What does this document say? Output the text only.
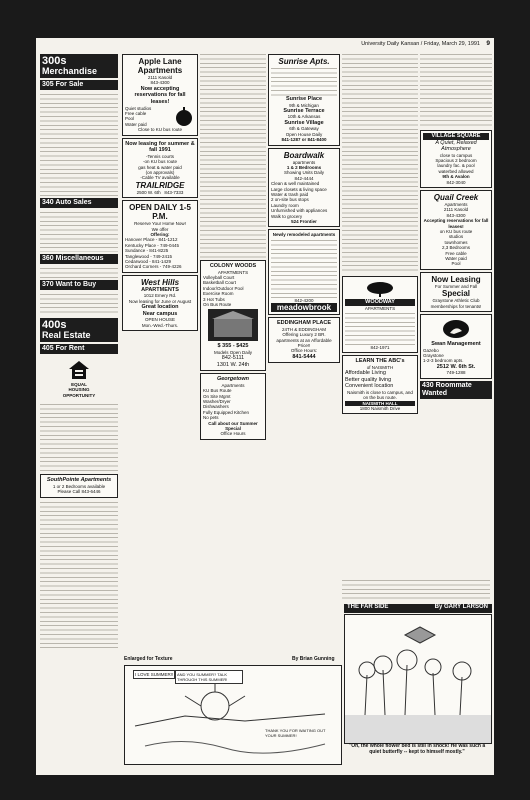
University Daily Kansan / Friday, March 29, 1991 9
300s
Merchandise
305 For Sale
340 Auto Sales
360 Miscellaneous
370 Want to Buy
400s
Real Estate
405 For Rent
EQUAL
HOUSING
OPPORTUNITY
SouthPointe Apartments
1 or 2 Bedrooms available
Please Call 843-6446
Apple Lane Apartments
2111 Kasold
843-4300
Now accepting reservations for fall leases!
Quiet studios
Free cable
Pool
Water paid
Close to KU bus route
Now leasing for summer & fall 1991
-Tennis courts
-on KU bus route
gas heat & water paid
(on approvals)
-Cable TV available
TRAILRIDGE
2500 W. 6th 843-7333
OPEN DAILY 1-5 P.M.
Reserve Your Home Now!
We offer
Offering:
Hanover Place - 841-1212
Kentucky Place - 749-0445
Sundance - 841-8225
Tanglewood - 749-2415
Cedarwood - 841-1429
Orchard Corners - 749-4226
West Hills
APARTMENTS
1012 Emery Rd.
Now leasing for June or August
Great location
Near campus
OPEN HOUSE
Mon.-Wed.-Thurs.
COLONY WOODS
APARTMENTS
Volleyball Court
Basketball Court
Indoor/Outdoor Pool
Exercise Room
3 Hot Tubs
On Bus Route
$ 355 - $425
Models Open Daily
842-5111
1301 W. 24th
Georgetown
Apartments
KU Bus Route
On Site Mgmt
Washer/Dryer
Dishwashers
Fully Equipped Kitchen
No pets
Call about our Summer Special
Office Hours
Sunrise Apts.
Sunrise Place
9th & Michigan
Sunrise Terrace
10th & Arkansas
Sunrise Village
6th & Gateway
Open House Daily
841-1287 or 841-8400
Boardwalk
apartments
1 & 2 Bedrooms
Showing Units Daily
842-4444
Clean & well maintained
Large closets & living space
Water & trash paid
2 on-site bus stops
Laundry room
Unfurnished with appliances
Walk to grocery
524 Frontier
Newly remodeled apartments
842-4200
meadowbrook
EDDINGHAM PLACE
24TH & EDDINGHAM
Offering Luxury 2 BR. apartments at an Affordable Price!!
Office Hours:
841-5444
WOODWAY
APARTMENTS
842-1971
LEARN THE ABC's
of NAISMITH
Affordable Living
Better quality living
Convenient location
Naismith is close to campus, and on the bus route.
NAISMITH HALL
1800 Naismith Drive
VILLAGE SQUARE
A Quiet, Relaxed Atmosphere
close to campus
Spacious 2 bedroom
laundry fac. & pool
waterbed allowed
9th & Avalon
842-3040
Quail Creek
Apartments
2111 Kasold
843-4300
Accepting reservations for fall leases!
on KU bus route
studios
townhomes
2,3 Bedrooms
Free cable
Water paid
Pool
Now Leasing
For Summer and Fall
Special
Graystone Athletic Club memberships for tenants!
Swan Management
Gazebo
Graystone
1-2-3 bedroom apts.
2512 W. 6th St.
749-1288
430 Roommate Wanted
Enlarged for Texture	By Brian Gunning
I LOVE SUMMER!! AND YOU SUMMER? TALK THROUGH THIS SUMMER!
THANK YOU FOR WAITING OUT YOUR SUMMER!
THE FAR SIDE	By GARY LARSON
"Oh, the whole flower bed is still in shock! He was such a quiet butterfly -- kept to himself mostly."
